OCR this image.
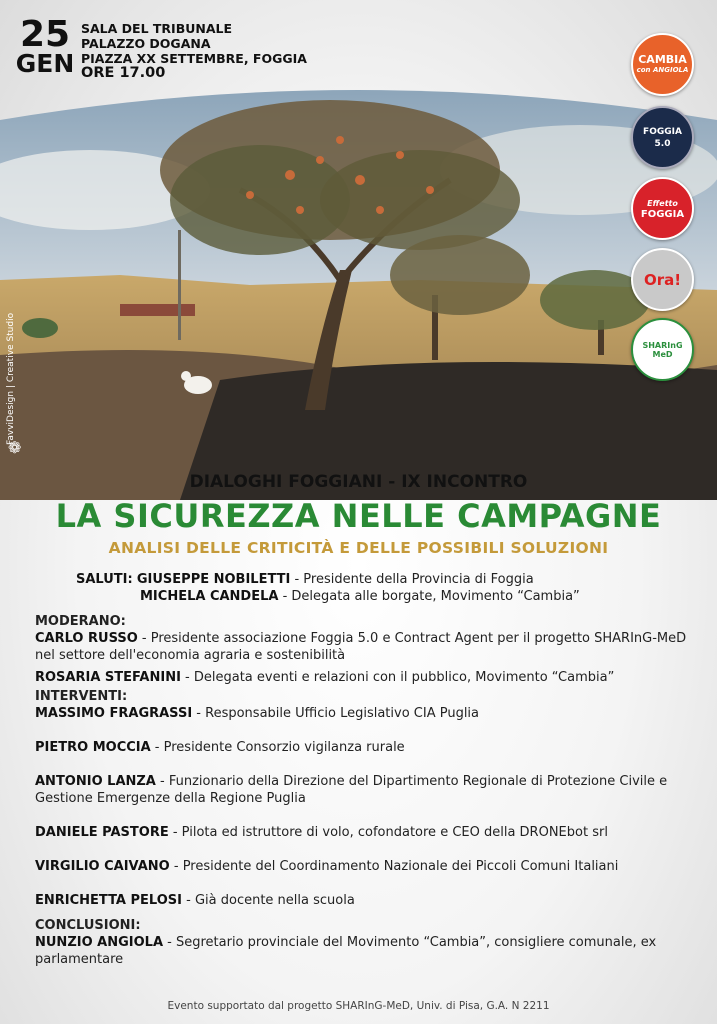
25
GEN
SALA DEL TRIBUNALE
PALAZZO DOGANA
PIAZZA XX SETTEMBRE, FOGGIA
ORE 17.00
FavviDesign | Creative Studio
❁
CAMBIA
con ANGIOLA
FOGGIA
5.0
Effetto
FOGGIA
Ora!
SHARInG
MeD
DIALOGHI FOGGIANI - IX INCONTRO
LA SICUREZZA NELLE CAMPAGNE
ANALISI DELLE CRITICITÀ E DELLE POSSIBILI SOLUZIONI
SALUTI: GIUSEPPE NOBILETTI - Presidente della Provincia di Foggia
MICHELA CANDELA - Delegata alle borgate, Movimento “Cambia”
MODERANO:
CARLO RUSSO - Presidente associazione Foggia 5.0 e Contract Agent per il progetto SHARInG-MeD nel settore dell'economia agraria e sostenibilità
ROSARIA STEFANINI - Delegata eventi e relazioni con il pubblico, Movimento “Cambia”
INTERVENTI:
MASSIMO FRAGRASSI - Responsabile Ufficio Legislativo CIA Puglia
PIETRO MOCCIA - Presidente Consorzio vigilanza rurale
ANTONIO LANZA - Funzionario della Direzione del Dipartimento Regionale di Protezione Civile e Gestione Emergenze della Regione Puglia
DANIELE PASTORE - Pilota ed istruttore di volo, cofondatore e CEO della DRONEbot srl
VIRGILIO CAIVANO - Presidente del Coordinamento Nazionale dei Piccoli Comuni Italiani
ENRICHETTA PELOSI - Già docente nella scuola
CONCLUSIONI:
NUNZIO ANGIOLA - Segretario provinciale del Movimento “Cambia”, consigliere comunale, ex parlamentare
Evento supportato dal progetto SHARInG-MeD, Univ. di Pisa, G.A. N 2211
